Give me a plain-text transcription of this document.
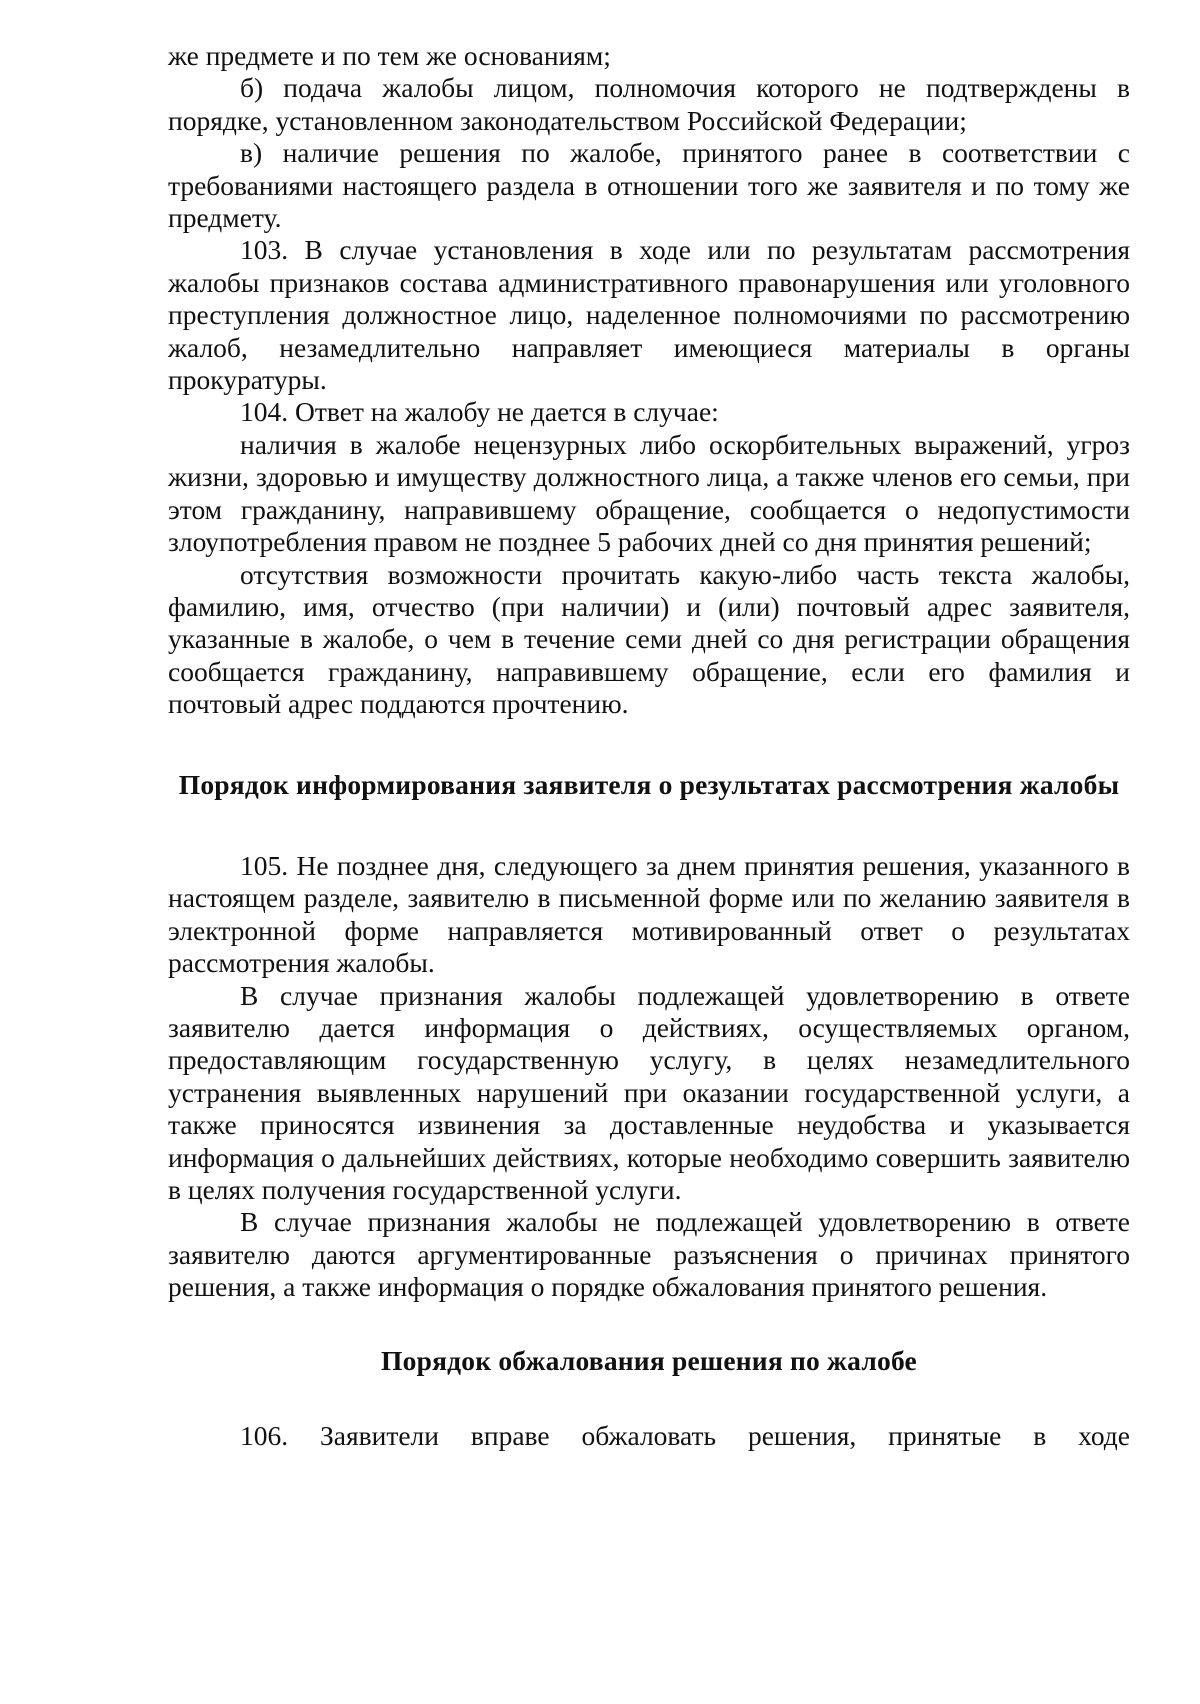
же предмете и по тем же основаниям;

б) подача жалобы лицом, полномочия которого не подтверждены в порядке, установленном законодательством Российской Федерации;

в) наличие решения по жалобе, принятого ранее в соответствии с требованиями настоящего раздела в отношении того же заявителя и по тому же предмету.

103. В случае установления в ходе или по результатам рассмотрения жалобы признаков состава административного правонарушения или уголовного преступления должностное лицо, наделенное полномочиями по рассмотрению жалоб, незамедлительно направляет имеющиеся материалы в органы прокуратуры.

104. Ответ на жалобу не дается в случае:

наличия в жалобе нецензурных либо оскорбительных выражений, угроз жизни, здоровью и имуществу должностного лица, а также членов его семьи, при этом гражданину, направившему обращение, сообщается о недопустимости злоупотребления правом не позднее 5 рабочих дней со дня принятия решений;

отсутствия возможности прочитать какую-либо часть текста жалобы, фамилию, имя, отчество (при наличии) и (или) почтовый адрес заявителя, указанные в жалобе, о чем в течение семи дней со дня регистрации обращения сообщается гражданину, направившему обращение, если его фамилия и почтовый адрес поддаются прочтению.

Порядок информирования заявителя о результатах рассмотрения жалобы

105. Не позднее дня, следующего за днем принятия решения, указанного в настоящем разделе, заявителю в письменной форме или по желанию заявителя в электронной форме направляется мотивированный ответ о результатах рассмотрения жалобы.

В случае признания жалобы подлежащей удовлетворению в ответе заявителю дается информация о действиях, осуществляемых органом, предоставляющим государственную услугу, в целях незамедлительного устранения выявленных нарушений при оказании государственной услуги, а также приносятся извинения за доставленные неудобства и указывается информация о дальнейших действиях, которые необходимо совершить заявителю в целях получения государственной услуги.

В случае признания жалобы не подлежащей удовлетворению в ответе заявителю даются аргументированные разъяснения о причинах принятого решения, а также информация о порядке обжалования принятого решения.

Порядок обжалования решения по жалобе

106. Заявители вправе обжаловать решения, принятые в ходе
